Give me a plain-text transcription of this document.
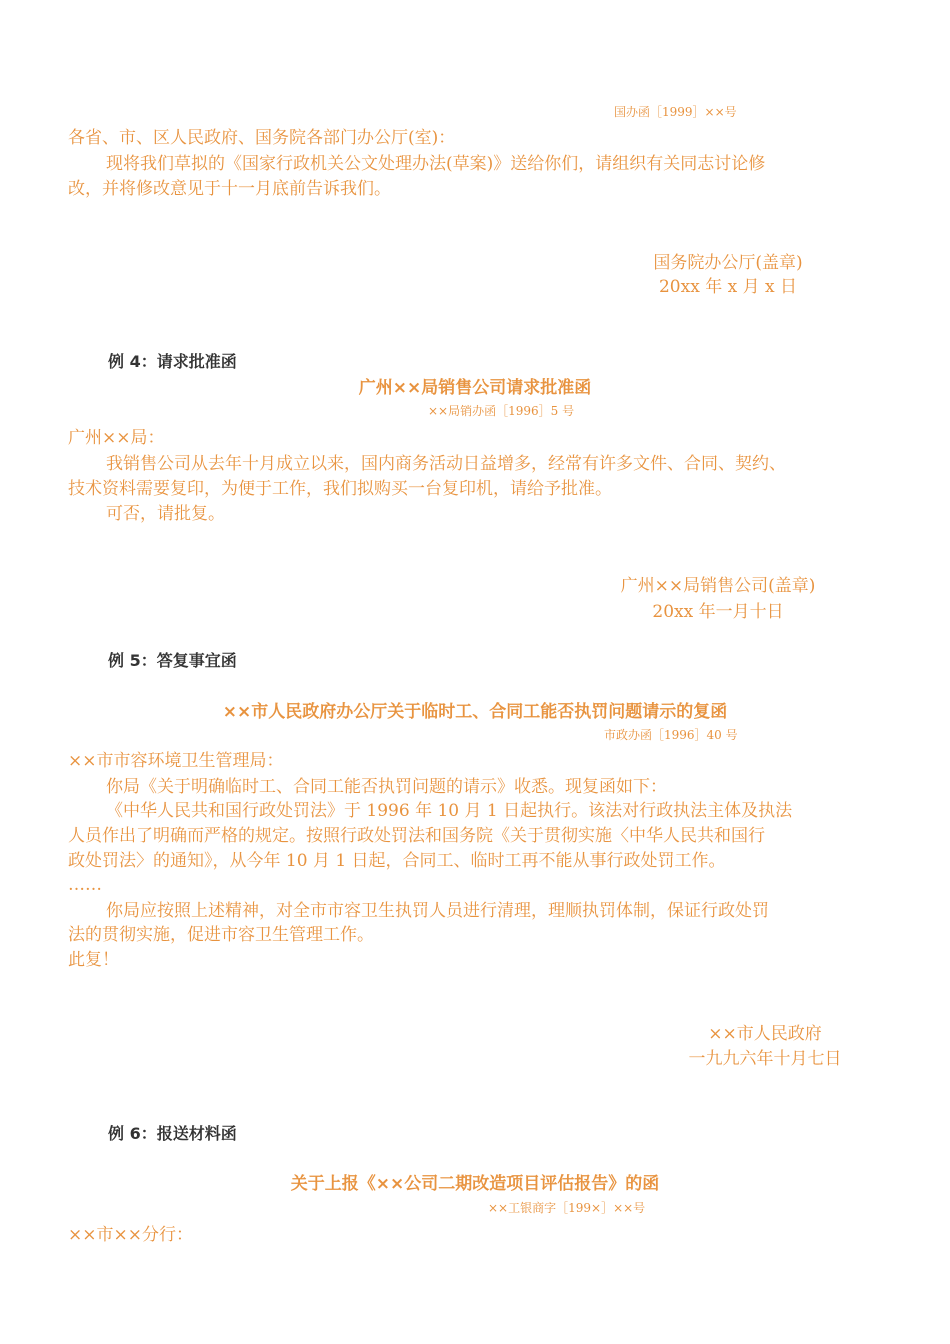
国办函［1999］××号
各省、市、区人民政府、国务院各部门办公厅(室)：
现将我们草拟的《国家行政机关公文处理办法(草案)》送给你们，请组织有关同志讨论修
改，并将修改意见于十一月底前告诉我们。
国务院办公厅(盖章)
20xx 年 x 月 x 日
例 4：请求批准函
广州××局销售公司请求批准函
××局销办函［1996］5 号
广州××局：
我销售公司从去年十月成立以来，国内商务活动日益增多，经常有许多文件、合同、契约、
技术资料需要复印，为便于工作，我们拟购买一台复印机，请给予批准。
可否，请批复。
广州××局销售公司(盖章)
20xx 年一月十日
例 5：答复事宜函
××市人民政府办公厅关于临时工、合同工能否执罚问题请示的复函
市政办函［1996］40 号
××市市容环境卫生管理局：
你局《关于明确临时工、合同工能否执罚问题的请示》收悉。现复函如下：
《中华人民共和国行政处罚法》于 1996 年 10 月 1 日起执行。该法对行政执法主体及执法
人员作出了明确而严格的规定。按照行政处罚法和国务院《关于贯彻实施〈中华人民共和国行
政处罚法〉的通知》，从今年 10 月 1 日起，合同工、临时工再不能从事行政处罚工作。
……
你局应按照上述精神，对全市市容卫生执罚人员进行清理，理顺执罚体制，保证行政处罚
法的贯彻实施，促进市容卫生管理工作。
此复！
××市人民政府
一九九六年十月七日
例 6：报送材料函
关于上报《××公司二期改造项目评估报告》的函
××工银商字［199×］××号
××市××分行：
